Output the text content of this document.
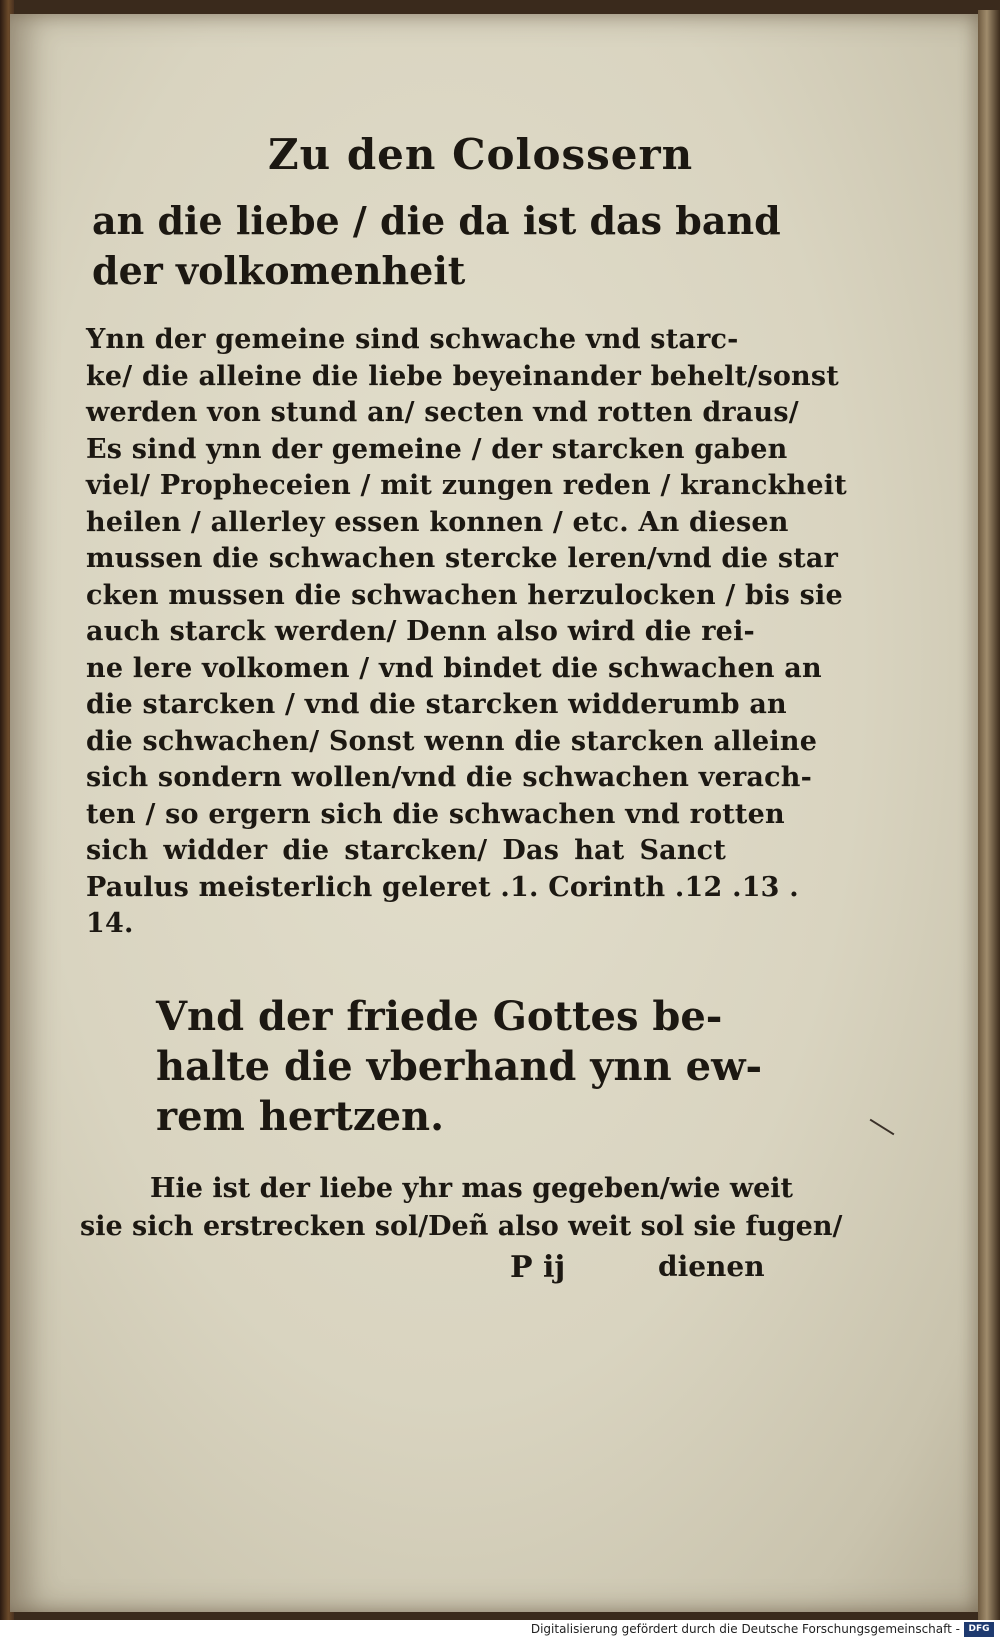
Zu den Colossern
an die liebe / die da ist das band
der volkomenheit
Ynn der gemeine sind schwache vnd starc-
ke/ die alleine die liebe beyeinander behelt/sonst
werden von stund an/ secten vnd rotten draus/
Es sind ynn der gemeine / der starcken gaben
viel/ Propheceien / mit zungen reden / kranckheit
heilen / allerley essen konnen / etc. An diesen
mussen die schwachen stercke leren/vnd die star
cken mussen die schwachen herzulocken / bis sie
auch starck werden/ Denn also wird die rei-
ne lere volkomen / vnd bindet die schwachen an
die starcken / vnd die starcken widderumb an
die schwachen/ Sonst wenn die starcken alleine
sich sondern wollen/vnd die schwachen verach-
ten / so ergern sich die schwachen vnd rotten
sich widder die starcken/ Das hat Sanct
Paulus meisterlich geleret .1. Corinth .12 .13 .
14.
Vnd der friede Gottes be-
halte die vberhand ynn ew-
rem hertzen.
Hie ist der liebe yhr mas gegeben/wie weit
sie sich erstrecken sol/Deñ also weit sol sie fugen/
P ij	dienen
Digitalisierung gefördert durch die Deutsche Forschungsgemeinschaft - DFG
